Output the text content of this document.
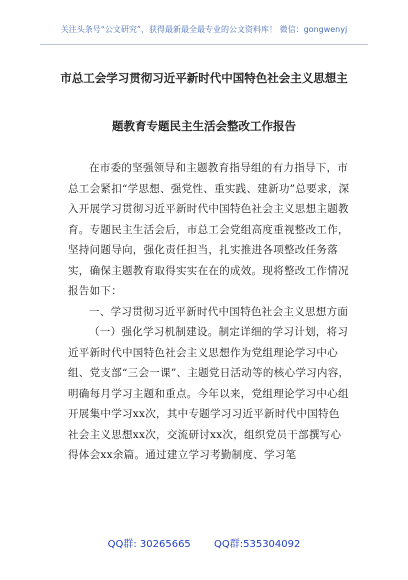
关注头条号“公文研究”，获得最新最全最专业的公文资料库！ 微信：gongwenyj
市总工会学习贯彻习近平新时代中国特色社会主义思想主
题教育专题民主生活会整改工作报告

在市委的坚强领导和主题教育指导组的有力指导下，市总工会紧扣“学思想、强党性、重实践、建新功”总要求，深入开展学习贯彻习近平新时代中国特色社会主义思想主题教育。专题民主生活会后，市总工会党组高度重视整改工作，坚持问题导向，强化责任担当，扎实推进各项整改任务落实，确保主题教育取得实实在在的成效。现将整改工作情况报告如下：

一、学习贯彻习近平新时代中国特色社会主义思想方面

（一）强化学习机制建设。制定详细的学习计划，将习近平新时代中国特色社会主义思想作为党组理论学习中心组、党支部“三会一课”、主题党日活动等的核心学习内容，明确每月学习主题和重点。今年以来，党组理论学习中心组开展集中学习xx次，其中专题学习习近平新时代中国特色社会主义思想xx次，交流研讨xx次，组织党员干部撰写心得体会xx余篇。通过建立学习考勤制度、学习笔

QQ群: 30265665 QQ群:535304092
